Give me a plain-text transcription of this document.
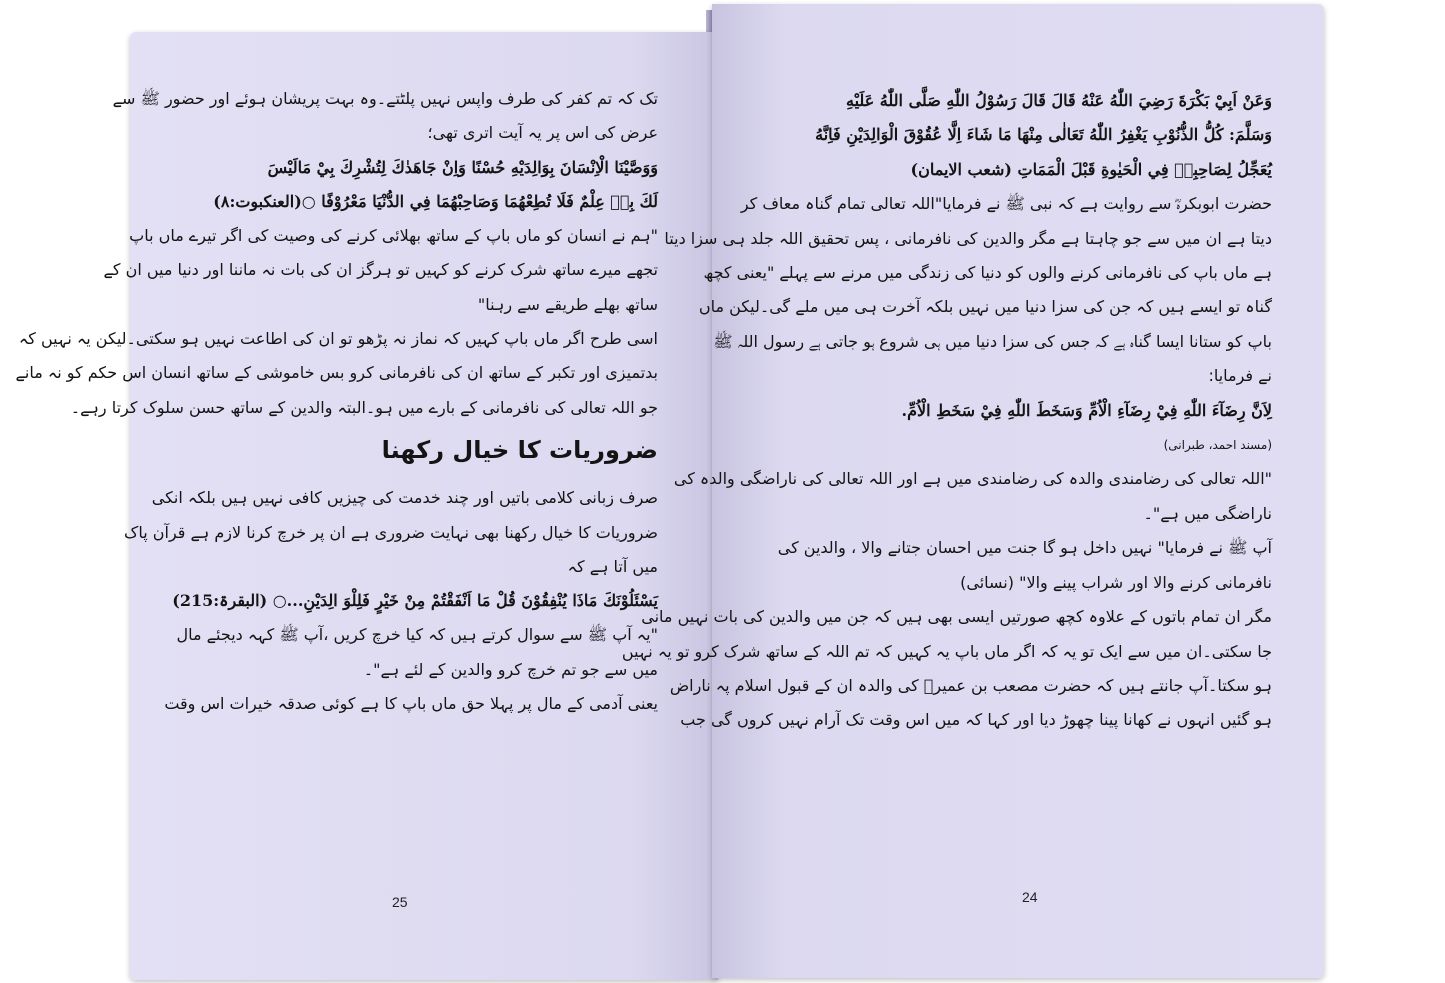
تک کہ تم کفر کی طرف واپس نہیں پلٹتے۔وہ بہت پریشان ہوئے اور حضور ﷺ سے

عرض کی اس پر یہ آیت اتری تھی؛

وَوَصَّيْنَا الْاِنْسَانَ بِوَالِدَيْهِ حُسْنًا وَاِنْ جَاهَدٰكَ لِتُشْرِكَ بِيْ مَالَيْسَ

لَكَ بِهٖ عِلْمٌ فَلَا تُطِعْهُمَا وَصَاحِبْهُمَا فِي الدُّنْيَا مَعْرُوْفًا ○(العنکبوت:۸)

"ہم نے انسان کو ماں باپ کے ساتھ بھلائی کرنے کی وصیت کی اگر تیرے ماں باپ

تجھے میرے ساتھ شرک کرنے کو کہیں تو ہرگز ان کی بات نہ ماننا اور دنیا میں ان کے

ساتھ بھلے طریقے سے رہنا"

اسی طرح اگر ماں باپ کہیں کہ نماز نہ پڑھو تو ان کی اطاعت نہیں ہو سکتی۔لیکن یہ نہیں کہ

بدتمیزی اور تکبر کے ساتھ ان کی نافرمانی کرو بس خاموشی کے ساتھ انسان اس حکم کو نہ مانے

جو اللہ تعالی کی نافرمانی کے بارے میں ہو۔البتہ والدین کے ساتھ حسن سلوک کرتا رہے۔

ضروریات کا خیال رکھنا

صرف زبانی کلامی باتیں اور چند خدمت کی چیزیں کافی نہیں ہیں بلکہ انکی

ضروریات کا خیال رکھنا بھی نہایت ضروری ہے ان پر خرچ کرنا لازم ہے قرآن پاک

میں آتا ہے کہ

يَسْئَلُوْنَكَ مَاذَا يُنْفِقُوْنَ قُلْ مَا اَنْفَقْتُمْ مِنْ خَيْرٍ فَلِلْوَ الِدَيْنِ...○ (البقرۃ:215)

"یہ آپ ﷺ سے سوال کرتے ہیں کہ کیا خرچ کریں ،آپ ﷺ کہہ دیجئے مال

میں سے جو تم خرچ کرو والدین کے لئے ہے"۔

یعنی آدمی کے مال پر پہلا حق ماں باپ کا ہے کوئی صدقہ خیرات اس وقت

25

وَعَنْ اَبِيْ بَكْرَةَ رَضِيَ اللّٰهُ عَنْهُ قَالَ قَالَ رَسُوْلُ اللّٰهِ صَلَّى اللّٰهُ عَلَيْهِ

وَسَلَّمَ: كُلُّ الذُّنُوْبِ يَغْفِرُ اللّٰهُ تَعَالٰى مِنْهَا مَا شَاءَ اِلَّا عُقُوْقَ الْوَالِدَيْنِ فَاِنَّهُ

يُعَجِّلُ لِصَاحِبِهٖ فِي الْحَيٰوةِ قَبْلَ الْمَمَاتِ (شعب الایمان)

حضرت ابوبکرہؓ سے روایت ہے کہ نبی ﷺ نے فرمایا"اللہ تعالی تمام گناہ معاف کر

دیتا ہے ان میں سے جو چاہتا ہے مگر والدین کی نافرمانی ، پس تحقیق اللہ جلد ہی سزا دیتا

ہے ماں باپ کی نافرمانی کرنے والوں کو دنیا کی زندگی میں مرنے سے پہلے "یعنی کچھ

گناہ تو ایسے ہیں کہ جن کی سزا دنیا میں نہیں بلکہ آخرت ہی میں ملے گی۔لیکن ماں

باپ کو ستانا ایسا گناہ ہے کہ جس کی سزا دنیا میں ہی شروع ہو جاتی ہے رسول اللہ ﷺ

نے فرمایا:

لِاَنَّ رِضَآءَ اللّٰهِ فِيْ رِضَآءِ الْاُمِّ وَسَخَطَ اللّٰهِ فِيْ سَخَطِ الْاُمِّ.

(مسند احمد، طبرانی)

"اللہ تعالی کی رضامندی والدہ کی رضامندی میں ہے اور اللہ تعالی کی ناراضگی والدہ کی

ناراضگی میں ہے"۔

آپ ﷺ نے فرمایا" نہیں داخل ہو گا جنت میں احسان جتانے والا ، والدین کی

نافرمانی کرنے والا اور شراب پینے والا" (نسائی)

مگر ان تمام باتوں کے علاوہ کچھ صورتیں ایسی بھی ہیں کہ جن میں والدین کی بات نہیں مانی

جا سکتی۔ان میں سے ایک تو یہ کہ اگر ماں باپ یہ کہیں کہ تم اللہ کے ساتھ شرک کرو تو یہ نہیں

ہو سکتا۔آپ جانتے ہیں کہ حضرت مصعب بن عمیرؓ کی والدہ ان کے قبول اسلام پہ ناراض

ہو گئیں انہوں نے کھانا پینا چھوڑ دیا اور کہا کہ میں اس وقت تک آرام نہیں کروں گی جب

24
